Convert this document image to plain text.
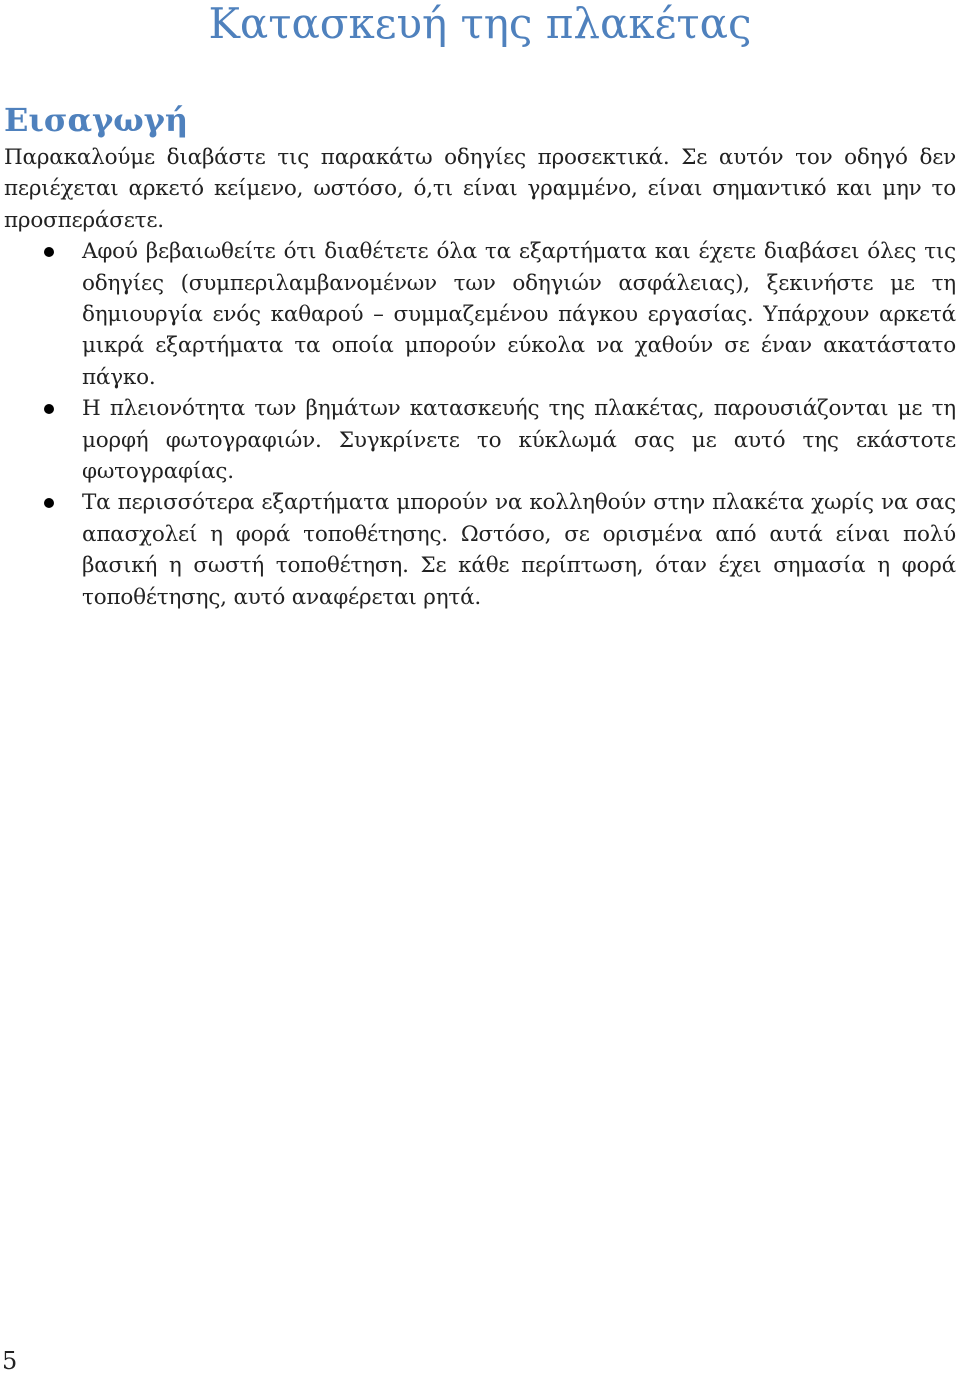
Κατασκευή της πλακέτας
Εισαγωγή

Παρακαλούμε διαβάστε τις παρακάτω οδηγίες προσεκτικά. Σε αυτόν τον οδηγό δεν περιέχεται αρκετό κείμενο, ωστόσο, ό,τι είναι γραμμένο, είναι σημαντικό και μην το προσπεράσετε.

Αφού βεβαιωθείτε ότι διαθέτετε όλα τα εξαρτήματα και έχετε διαβάσει όλες τις οδηγίες (συμπεριλαμβανομένων των οδηγιών ασφάλειας), ξεκινήστε με τη δημιουργία ενός καθαρού – συμμαζεμένου πάγκου εργασίας. Υπάρχουν αρκετά μικρά εξαρτήματα τα οποία μπορούν εύκολα να χαθούν σε έναν ακατάστατο πάγκο.
Η πλειονότητα των βημάτων κατασκευής της πλακέτας, παρουσιάζονται με τη μορφή φωτογραφιών. Συγκρίνετε το κύκλωμά σας με αυτό της εκάστοτε φωτογραφίας.
Τα περισσότερα εξαρτήματα μπορούν να κολληθούν στην πλακέτα χωρίς να σας απασχολεί η φορά τοποθέτησης. Ωστόσο, σε ορισμένα από αυτά είναι πολύ βασική η σωστή τοποθέτηση. Σε κάθε περίπτωση, όταν έχει σημασία η φορά τοποθέτησης, αυτό αναφέρεται ρητά.
5
